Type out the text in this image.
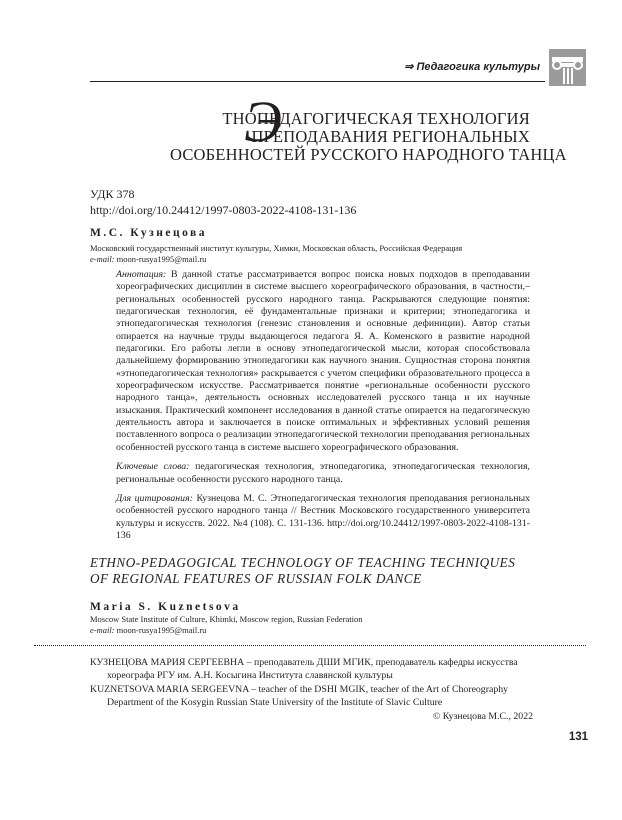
⇒ Педагогика культуры
Э
ТНОПЕДАГОГИЧЕСКАЯ ТЕХНОЛОГИЯ
ПРЕПОДАВАНИЯ РЕГИОНАЛЬНЫХ
ОСОБЕННОСТЕЙ РУССКОГО НАРОДНОГО ТАНЦА
УДК 378
http://doi.org/10.24412/1997-0803-2022-4108-131-136
М.С. Кузнецова
Московский государственный институт культуры, Химки, Московская область, Российская Федерация
e-mail: moon-rusya1995@mail.ru

Аннотация: В данной статье рассматривается вопрос поиска новых подходов в преподавании хореографических дисциплин в системе высшего хореографического образования, в частности,– региональных особенностей русского народного танца. Раскрываются следующие понятия: педагогическая технология, её фундаментальные признаки и критерии; этнопедагогика и этнопедагогическая технология (генезис становления и основные дефиниции). Автор статьи опирается на научные труды выдающегося педагога Я. А. Коменского в развитие народной педагогики. Его работы легли в основу этнопедагогической мысли, которая способствовала дальнейшему формированию этнопедагогики как научного знания. Сущностная сторона понятия «этнопедагогическая технология» раскрывается с учетом специфики образовательного процесса в хореографическом искусстве. Рассматривается понятие «региональные особенности русского народного танца», деятельность основных исследователей русского танца и их научные изыскания. Практический компонент исследования в данной статье опирается на педагогическую деятельность автора и заключается в поиске оптимальных и эффективных условий решения поставленного вопроса о реализации этнопедагогической технологии преподавания региональных особенностей русского танца в системе высшего хореографического образования.

Ключевые слова: педагогическая технология, этнопедагогика, этнопедагогическая технология, региональные особенности русского народного танца.

Для цитирования: Кузнецова М. С. Этнопедагогическая технология преподавания региональных особенностей русского народного танца // Вестник Московского государственного университета культуры и искусств. 2022. №4 (108). С. 131-136. http://doi.org/10.24412/1997-0803-2022-4108-131-136

ETHNO-PEDAGOGICAL TECHNOLOGY OF TEACHING TECHNIQUES
OF REGIONAL FEATURES OF RUSSIAN FOLK DANCE
Maria S. Kuznetsova
Moscow State Institute of Culture, Khimki, Moscow region, Russian Federation
e-mail: moon-rusya1995@mail.ru
КУЗНЕЦОВА МАРИЯ СЕРГЕЕВНА – преподаватель ДШИ МГИК, преподаватель кафедры искусства
хореографа РГУ им. А.Н. Косыгина Института славянской культуры
KUZNETSOVA MARIA SERGEEVNA – teacher of the DSHI MGIK, teacher of the Art of Choreography
Department of the Kosygin Russian State University of the Institute of Slavic Culture
© Кузнецова М.С., 2022
131
